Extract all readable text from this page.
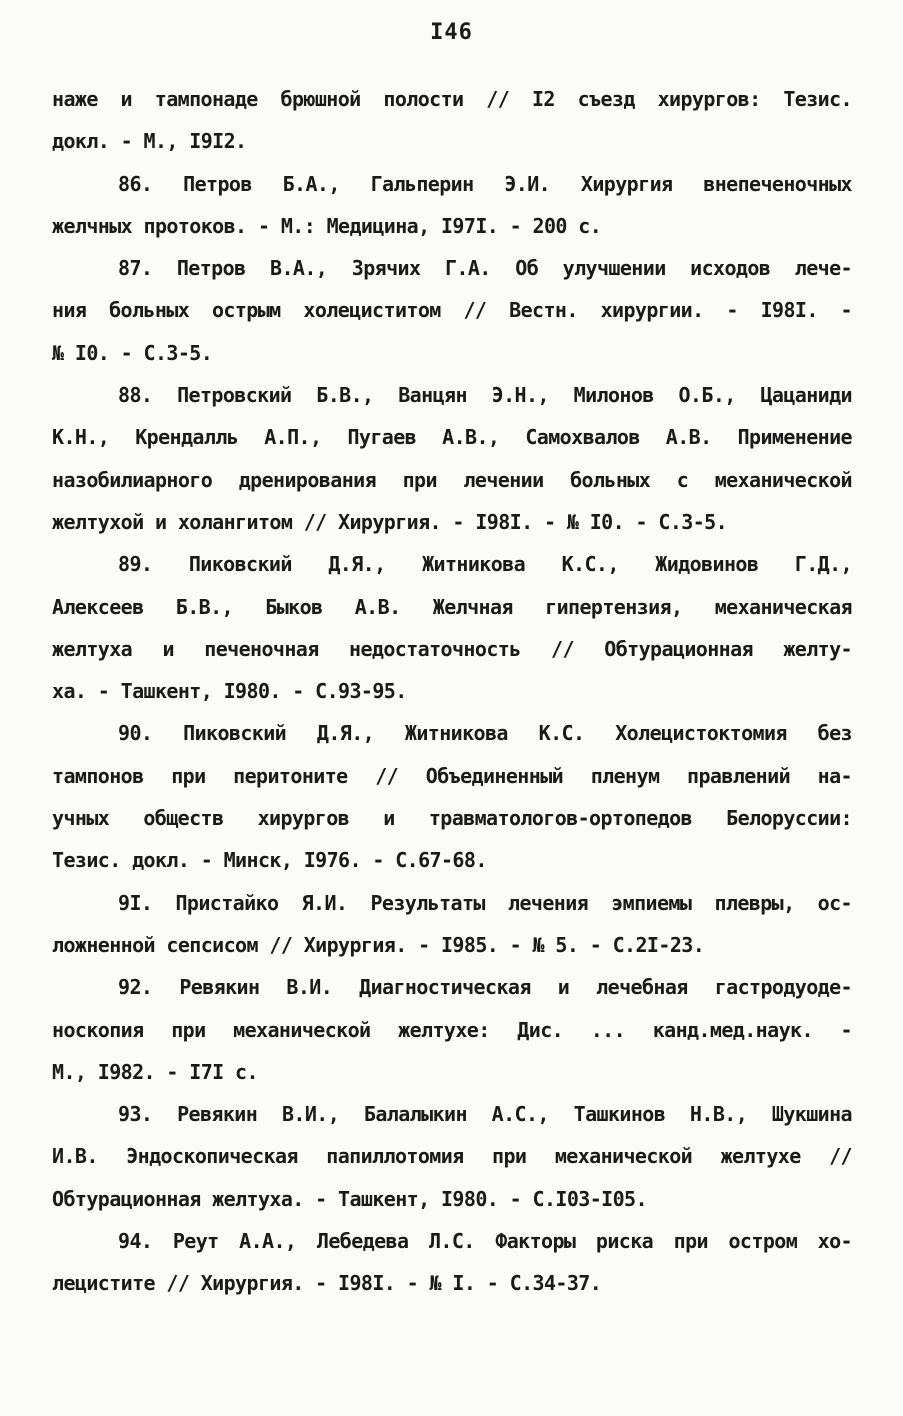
I46
наже и тампонаде брюшной полости // I2 съезд хирургов: Тезис.
докл. - М., I9I2.
86. Петров Б.А., Гальперин Э.И. Хирургия внепеченочных
желчных протоков. - М.: Медицина, I97I. - 200 с.
87. Петров В.А., Зрячих Г.А. Об улучшении исходов лече-
ния больных острым холециститом // Вестн. хирургии. - I98I. -
№ I0. - С.3-5.
88. Петровский Б.В., Ванцян Э.Н., Милонов О.Б., Цацаниди
К.Н., Крендалль А.П., Пугаев А.В., Самохвалов А.В. Применение
назобилиарного дренирования при лечении больных с механической
желтухой и холангитом // Хирургия. - I98I. - № I0. - С.3-5.
89. Пиковский Д.Я., Житникова К.С., Жидовинов Г.Д.,
Алексеев Б.В., Быков А.В. Желчная гипертензия, механическая
желтуха и печеночная недостаточность // Обтурационная желту-
ха. - Ташкент, I980. - С.93-95.
90. Пиковский Д.Я., Житникова К.С. Холецистоктомия без
тампонов при перитоните // Объединенный пленум правлений на-
учных обществ хирургов и травматологов-ортопедов Белоруссии:
Тезис. докл. - Минск, I976. - С.67-68.
9I. Пристайко Я.И. Результаты лечения эмпиемы плевры, ос-
ложненной сепсисом // Хирургия. - I985. - № 5. - С.2I-23.
92. Ревякин В.И. Диагностическая и лечебная гастродуоде-
носкопия при механической желтухе: Дис. ... канд.мед.наук. -
М., I982. - I7I с.
93. Ревякин В.И., Балалыкин А.С., Ташкинов Н.В., Шукшина
И.В. Эндоскопическая папиллотомия при механической желтухе //
Обтурационная желтуха. - Ташкент, I980. - С.I03-I05.
94. Реут А.А., Лебедева Л.С. Факторы риска при остром хо-
лецистите // Хирургия. - I98I. - № I. - С.34-37.
